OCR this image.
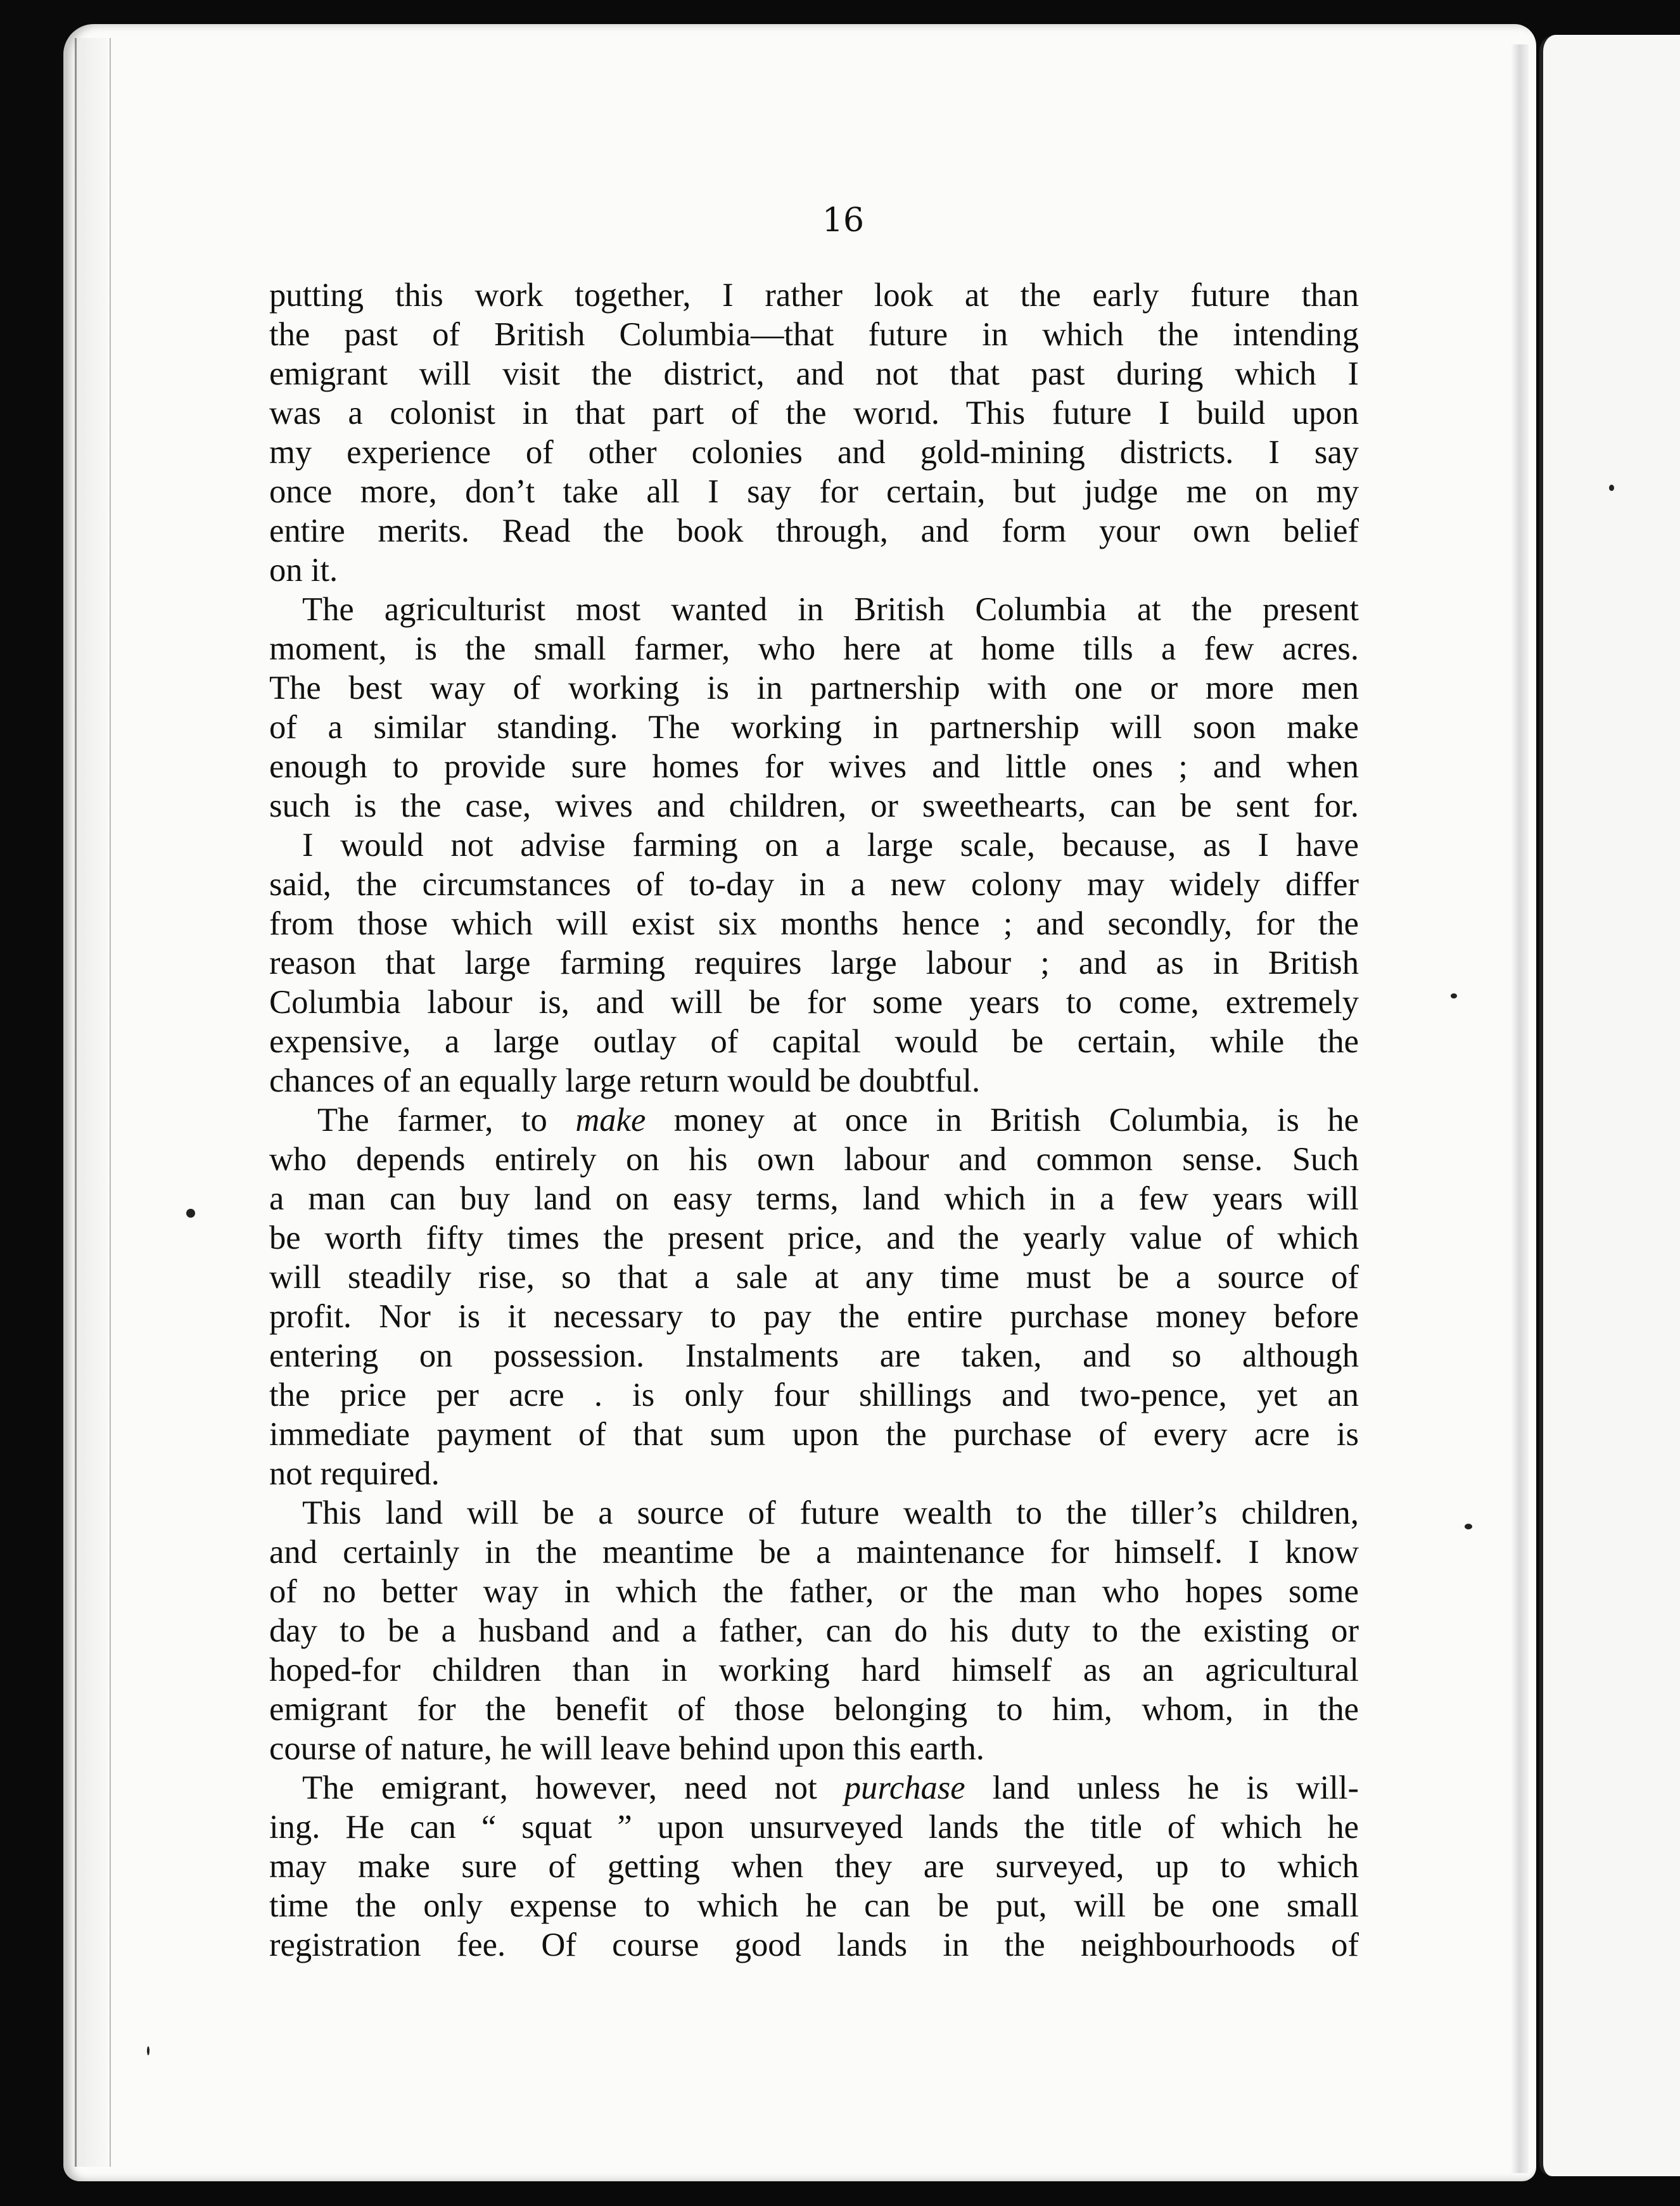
16
putting this work together, I rather look at the early future than
the past of British Columbia—that future in which the intending
emigrant will visit the district, and not that past during which I
was a colonist in that part of the worıd. This future I build upon
my experience of other colonies and gold-mining districts. I say
once more, don’t take all I say for certain, but judge me on my
entire merits. Read the book through, and form your own belief
on it.
The agriculturist most wanted in British Columbia at the present
moment, is the small farmer, who here at home tills a few acres.
The best way of working is in partnership with one or more men
of a similar standing. The working in partnership will soon make
enough to provide sure homes for wives and little ones ; and when
such is the case, wives and children, or sweethearts, can be sent for.
I would not advise farming on a large scale, because, as I have
said, the circumstances of to-day in a new colony may widely differ
from those which will exist six months hence ; and secondly, for the
reason that large farming requires large labour ; and as in British
Columbia labour is, and will be for some years to come, extremely
expensive, a large outlay of capital would be certain, while the
chances of an equally large return would be doubtful.
The farmer, to make money at once in British Columbia, is he
who depends entirely on his own labour and common sense. Such
a man can buy land on easy terms, land which in a few years will
be worth fifty times the present price, and the yearly value of which
will steadily rise, so that a sale at any time must be a source of
profit. Nor is it necessary to pay the entire purchase money before
entering on possession. Instalments are taken, and so although
the price per acre . is only four shillings and two-pence, yet an
immediate payment of that sum upon the purchase of every acre is
not required.
This land will be a source of future wealth to the tiller’s children,
and certainly in the meantime be a maintenance for himself. I know
of no better way in which the father, or the man who hopes some
day to be a husband and a father, can do his duty to the existing or
hoped-for children than in working hard himself as an agricultural
emigrant for the benefit of those belonging to him, whom, in the
course of nature, he will leave behind upon this earth.
The emigrant, however, need not purchase land unless he is will-
ing. He can “ squat ” upon unsurveyed lands the title of which he
may make sure of getting when they are surveyed, up to which
time the only expense to which he can be put, will be one small
registration fee. Of course good lands in the neighbourhoods of
